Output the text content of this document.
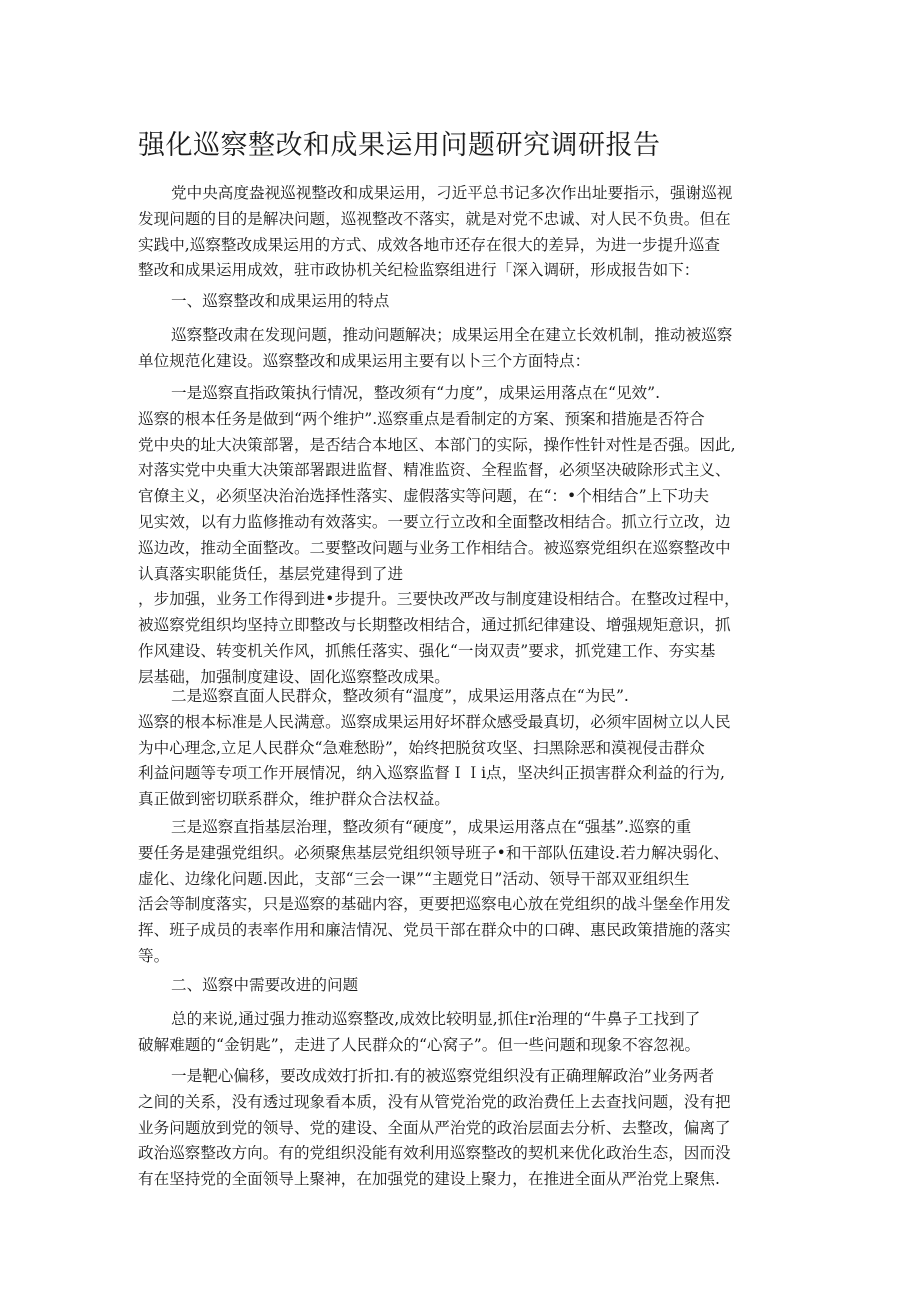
强化巡察整改和成果运用问题研究调研报告

党中央高度盎视巡视整改和成果运用，刁近平总书记多次作出址要指示，强谢巡视
发现问题的目的是解决问题，巡视整改不落实，就是对党不忠诚、对人民不负贵。但在
实践中,巡察整改成果运用的方式、成效各地市还存在很大的差异，为进一步提升巡查
整改和成果运用成效，驻市政协机关纪检监察组进行「深入调研，形成报告如下：

一、巡察整改和成果运用的特点

巡察整改肃在发现问题，推动问题解决；成果运用全在建立长效机制，推动被巡察
单位规范化建设。巡察整改和成果运用主要有以卜三个方面特点：

一是巡察直指政策执行情况，整改须有“力度”，成果运用落点在“见效”.
巡察的根本任务是做到“两个维护”.巡察重点是看制定的方案、预案和措施是否符合
党中央的址大决策部署，是否结合本地区、本部门的实际，操作性针对性是否强。因此,
对落实党中央重大决策部署跟进监督、精准监资、全程监督，必须坚决破除形式主义、
官僚主义，必须坚决治治选择性落实、虚假落实等问题，在“：•个相结合”上下功夫
见实效，以有力监修推动有效落实。一要立行立改和全面整改相结合。抓立行立改，边
巡边改，推动全面整改。二要整改问题与业务工作相结合。被巡察党组织在巡察整改中
认真落实职能货任，基层党建得到了进
，步加强，业务工作得到进•步提升。三要快改严改与制度建设相结合。在整改过程中，
被巡察党组织均坚持立即整改与长期整改相结合，通过抓纪律建设、增强规矩意识，抓
作风建设、转变机关作风，抓熊任落实、强化“一岗双责”要求，抓党建工作、夯实基
层基础，加强制度建设、固化巡察整改成果。

二是巡察直面人民群众，整改须有“温度”，成果运用落点在“为民”.
巡察的根本标准是人民满意。巡察成果运用好坏群众感受最真切，必须牢固树立以人民
为中心理念,立足人民群众“急难愁盼”，始终把脱贫攻坚、扫黑除恶和漠视侵击群众
利益问题等专项工作开展情况，纳入巡察监督ＩＩi点，坚决纠正损害群众利益的行为,
真正做到密切联系群众，维护群众合法权益。

三是巡察直指基层治理，整改须有“硬度”，成果运用落点在“强基”.巡察的重
要任务是建强党组织。必须聚焦基层党组织领导班子•和干部队伍建设.若力解决弱化、
虚化、边缘化问题.因此，支部“三会一课”“主题党日”活动、领导干部双亚组织生
活会等制度落实，只是巡察的基础内容，更要把巡察电心放在党组织的战斗堡垒作用发
挥、班子成员的表率作用和廉洁情况、党员干部在群众中的口碑、惠民政策措施的落实
等。

二、巡察中需要改进的问题

总的来说,通过强力推动巡察整改,成效比较明显,抓住r治理的“牛鼻子工找到了
破解难题的“金钥匙”，走进了人民群众的“心窝子”。但一些问题和现象不容忽视。

一是靶心偏移，要改成效打折扣.有的被巡察党组织没有正确理解政治”业务两者
之间的关系，没有透过现象看本质，没有从管党治党的政治费任上去查找问题，没有把
业务问题放到党的领导、党的建设、全面从严治党的政治层面去分析、去整改，偏离了
政治巡察整改方向。有的党组织没能有效利用巡察整改的契机来优化政治生态，因而没
有在坚持党的全面领导上聚神，在加强党的建设上聚力，在推进全面从严治党上聚焦.
